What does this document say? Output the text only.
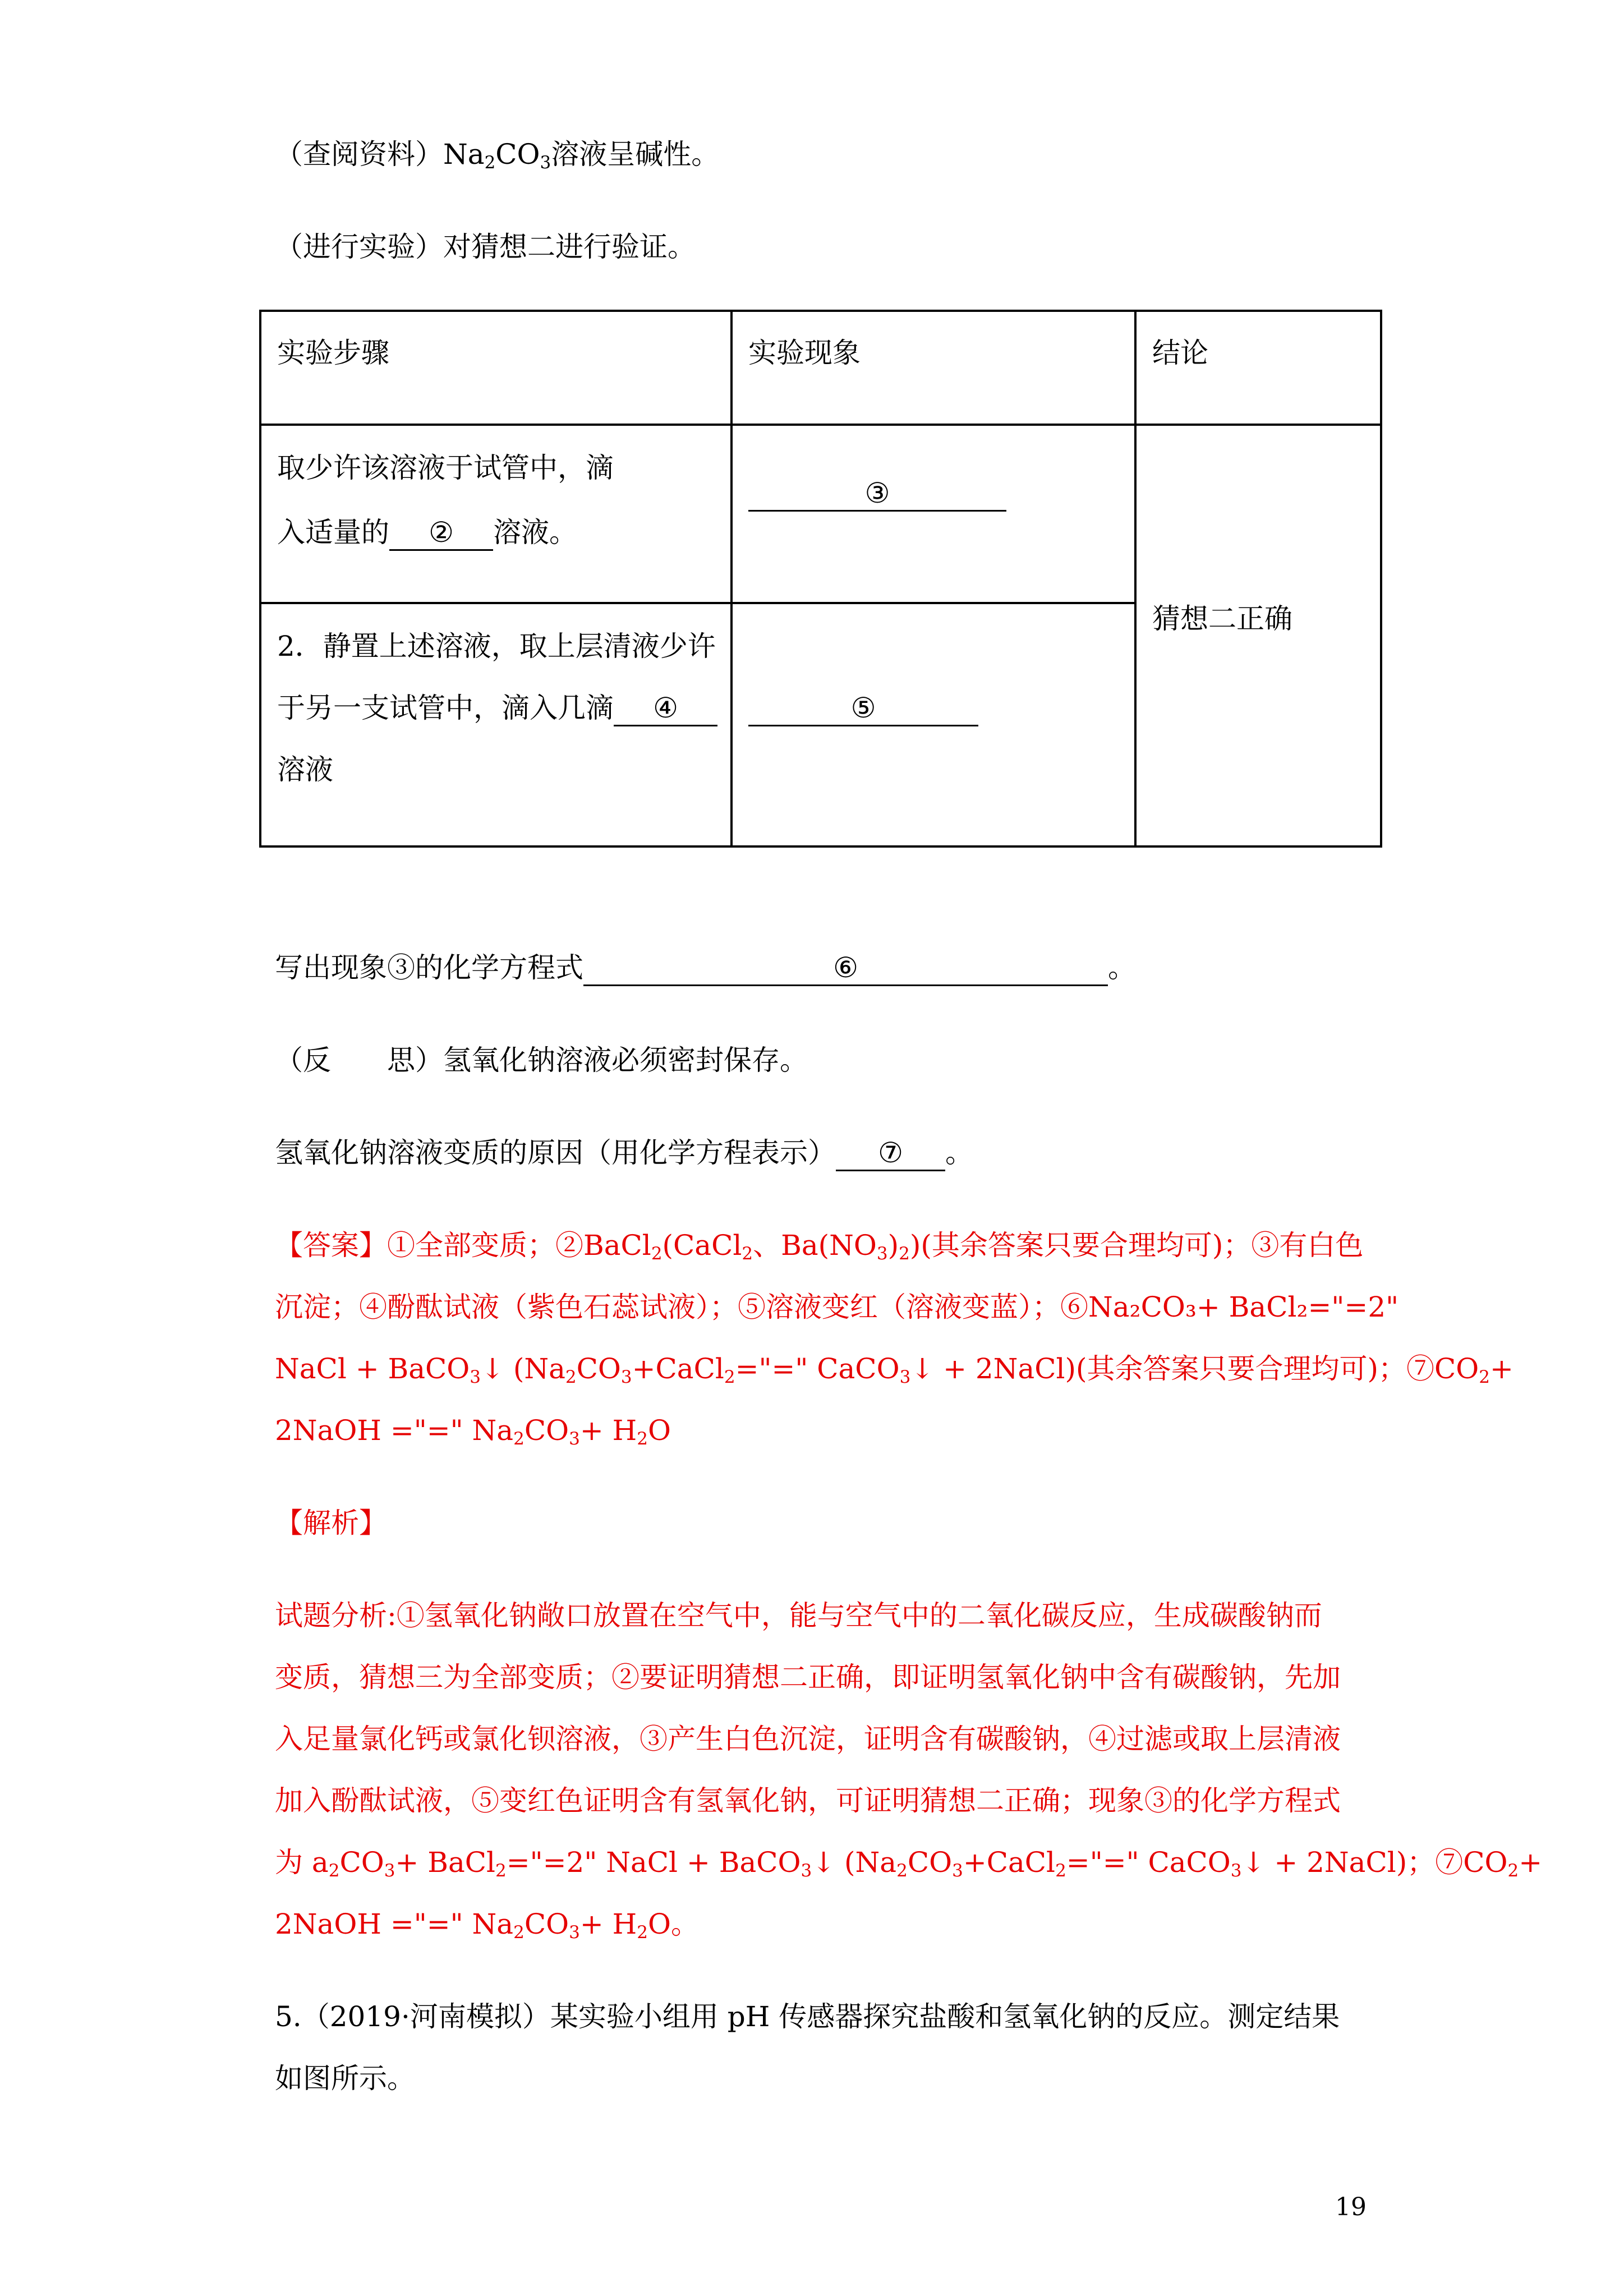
（查阅资料）$Na_2CO_3$溶液呈碱性。
（进行实验）对猜想二进行验证。
实验步骤	实验现象	结论

取少许该溶液于试管中，滴
入适量的 ② 溶液。	③	猜想二正确

2．静置上述溶液，取上层清液少许
于另一支试管中，滴入几滴 ④
溶液	⑤	
写出现象③的化学方程式	⑥	。
（反　　思）氢氧化钠溶液必须密封保存。
氢氧化钠溶液变质的原因（用化学方程表示） ⑦ 。
【答案】①全部变质；②BaCl$_2$(CaCl$_2$、$Ba(NO_3)_2$)(其余答案只要合理均可)；③有白色
沉淀；④酚酞试液（紫色石蕊试液）；⑤溶液变红（溶液变蓝）；⑥Na₂CO₃+ BaCl₂="=2"
NaCl + BaCO$_3$↓ ($Na_2CO_3+CaCl_2="=$" CaCO$_3$↓ + 2NaCl)(其余答案只要合理均可)；$⑦CO_2+$
2NaOH ="=" $Na_2CO_3+ H_2O$
【解析】
试题分析:①氢氧化钠敞口放置在空气中，能与空气中的二氧化碳反应，生成碳酸钠而
变质，猜想三为全部变质；②要证明猜想二正确，即证明氢氧化钠中含有碳酸钠，先加
入足量氯化钙或氯化钡溶液，③产生白色沉淀，证明含有碳酸钠，④过滤或取上层清液
加入酚酞试液，⑤变红色证明含有氢氧化钠，可证明猜想二正确；现象③的化学方程式
为 $a_2CO_3+$ BaCl$_2$="=2" NaCl + BaCO$_3$↓ ($Na_2CO_3+CaCl_2="=$" CaCO$_3$↓ + 2NaCl)；$⑦CO_2+$
2NaOH ="=" $Na_2CO_3+ H_2O$。
5.（2019·河南模拟）某实验小组用 pH 传感器探究盐酸和氢氧化钠的反应。测定结果
如图所示。
19
